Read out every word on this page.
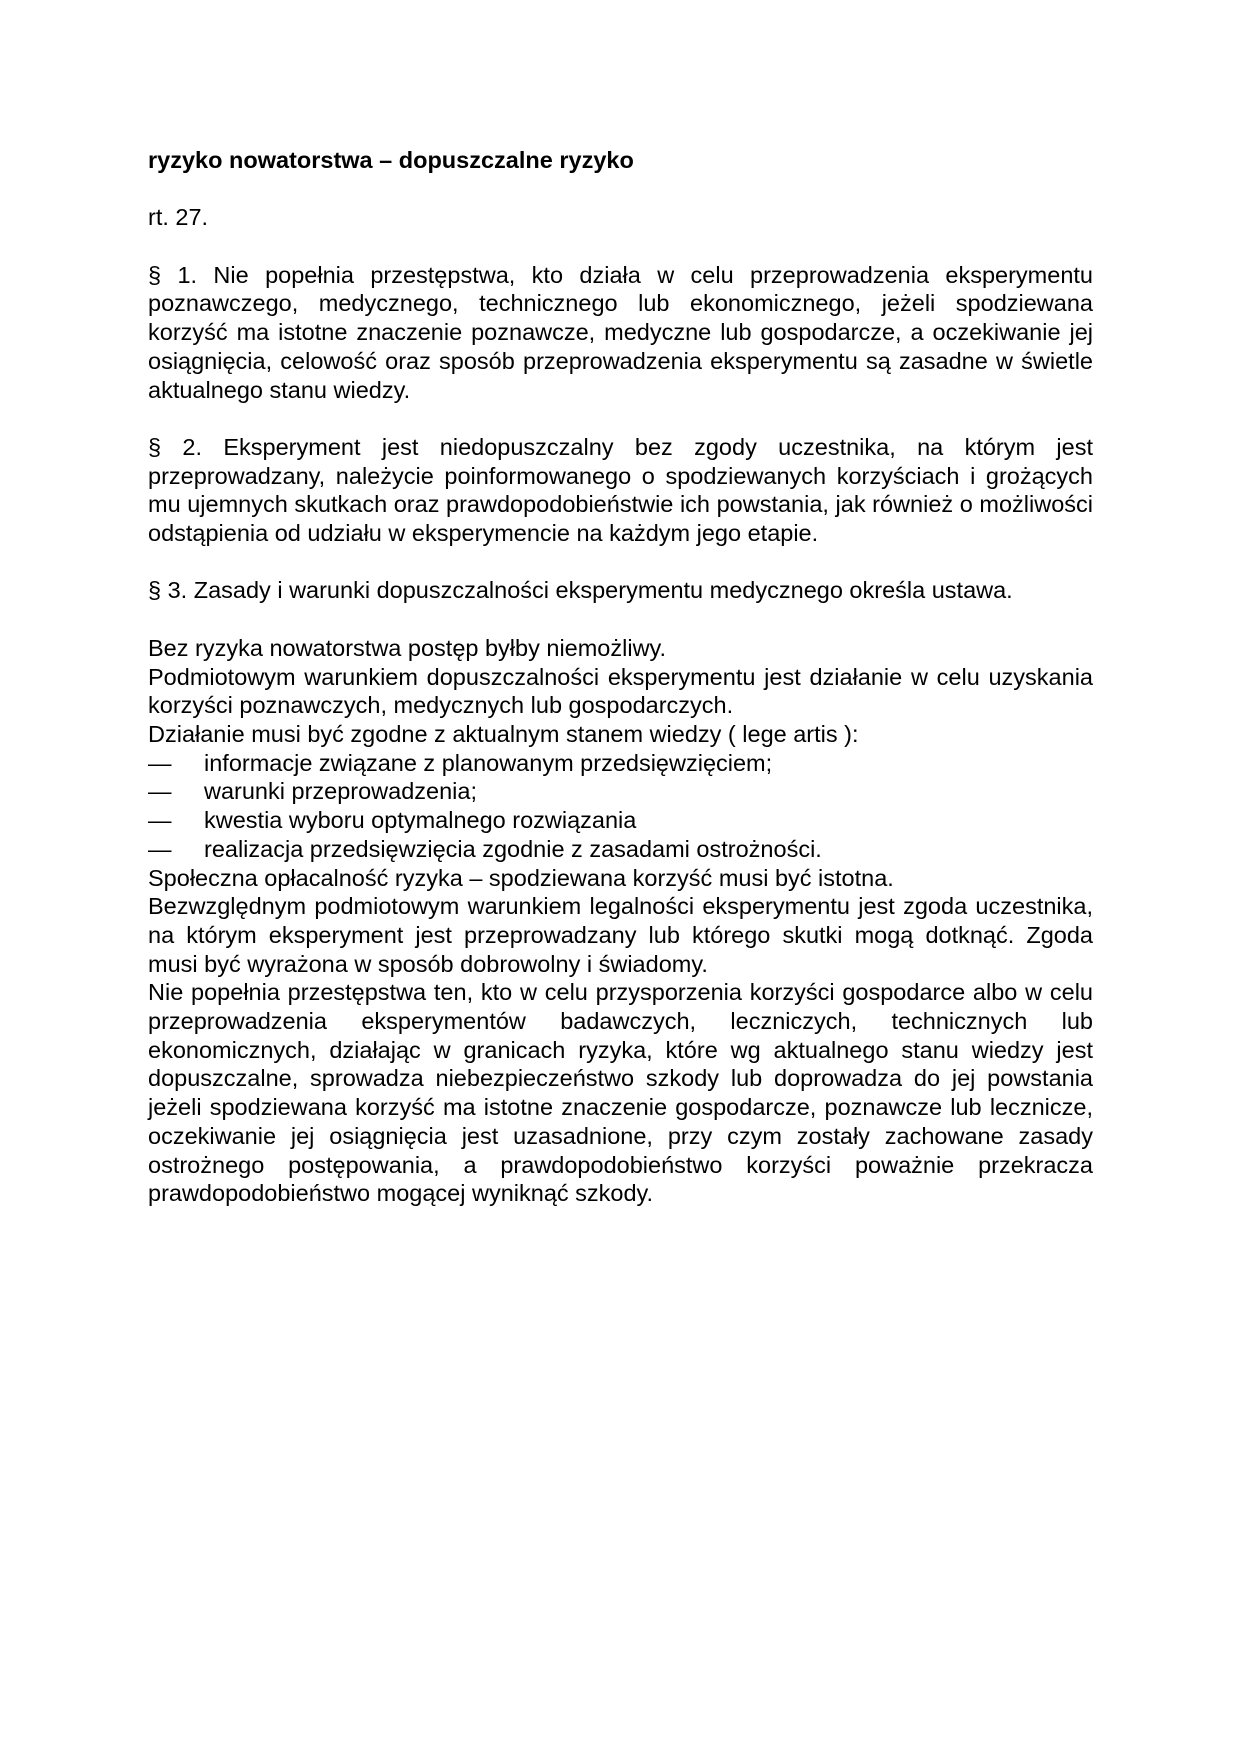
ryzyko nowatorstwa – dopuszczalne ryzyko

rt. 27.

§ 1. Nie popełnia przestępstwa, kto działa w celu przeprowadzenia eksperymentu poznawczego, medycznego, technicznego lub ekonomicznego, jeżeli spodziewana korzyść ma istotne znaczenie poznawcze, medyczne lub gospodarcze, a oczekiwanie jej osiągnięcia, celowość oraz sposób przeprowadzenia eksperymentu są zasadne w świetle aktualnego stanu wiedzy.

§ 2. Eksperyment jest niedopuszczalny bez zgody uczestnika, na którym jest przeprowadzany, należycie poinformowanego o spodziewanych korzyściach i grożących mu ujemnych skutkach oraz prawdopodobieństwie ich powstania, jak również o możliwości odstąpienia od udziału w eksperymencie na każdym jego etapie.

§ 3. Zasady i warunki dopuszczalności eksperymentu medycznego określa ustawa.

Bez ryzyka nowatorstwa postęp byłby niemożliwy.

Podmiotowym warunkiem dopuszczalności eksperymentu jest działanie w celu uzyskania korzyści poznawczych, medycznych lub gospodarczych.

Działanie musi być zgodne z aktualnym stanem wiedzy ( lege artis ):

—	informacje związane z planowanym przedsięwzięciem;
—	warunki przeprowadzenia;
—	kwestia wyboru optymalnego rozwiązania
—	realizacja przedsięwzięcia zgodnie z zasadami ostrożności.

Społeczna opłacalność ryzyka – spodziewana korzyść musi być istotna.

Bezwzględnym podmiotowym warunkiem legalności eksperymentu jest zgoda uczestnika, na którym eksperyment jest przeprowadzany lub którego skutki mogą dotknąć. Zgoda musi być wyrażona w sposób dobrowolny i świadomy.

Nie popełnia przestępstwa ten, kto w celu przysporzenia korzyści gospodarce albo w celu przeprowadzenia eksperymentów badawczych, leczniczych, technicznych lub ekonomicznych, działając w granicach ryzyka, które wg aktualnego stanu wiedzy jest dopuszczalne, sprowadza niebezpieczeństwo szkody lub doprowadza do jej powstania jeżeli spodziewana korzyść ma istotne znaczenie gospodarcze, poznawcze lub lecznicze, oczekiwanie jej osiągnięcia jest uzasadnione, przy czym zostały zachowane zasady ostrożnego postępowania, a prawdopodobieństwo korzyści poważnie przekracza prawdopodobieństwo mogącej wyniknąć szkody.
